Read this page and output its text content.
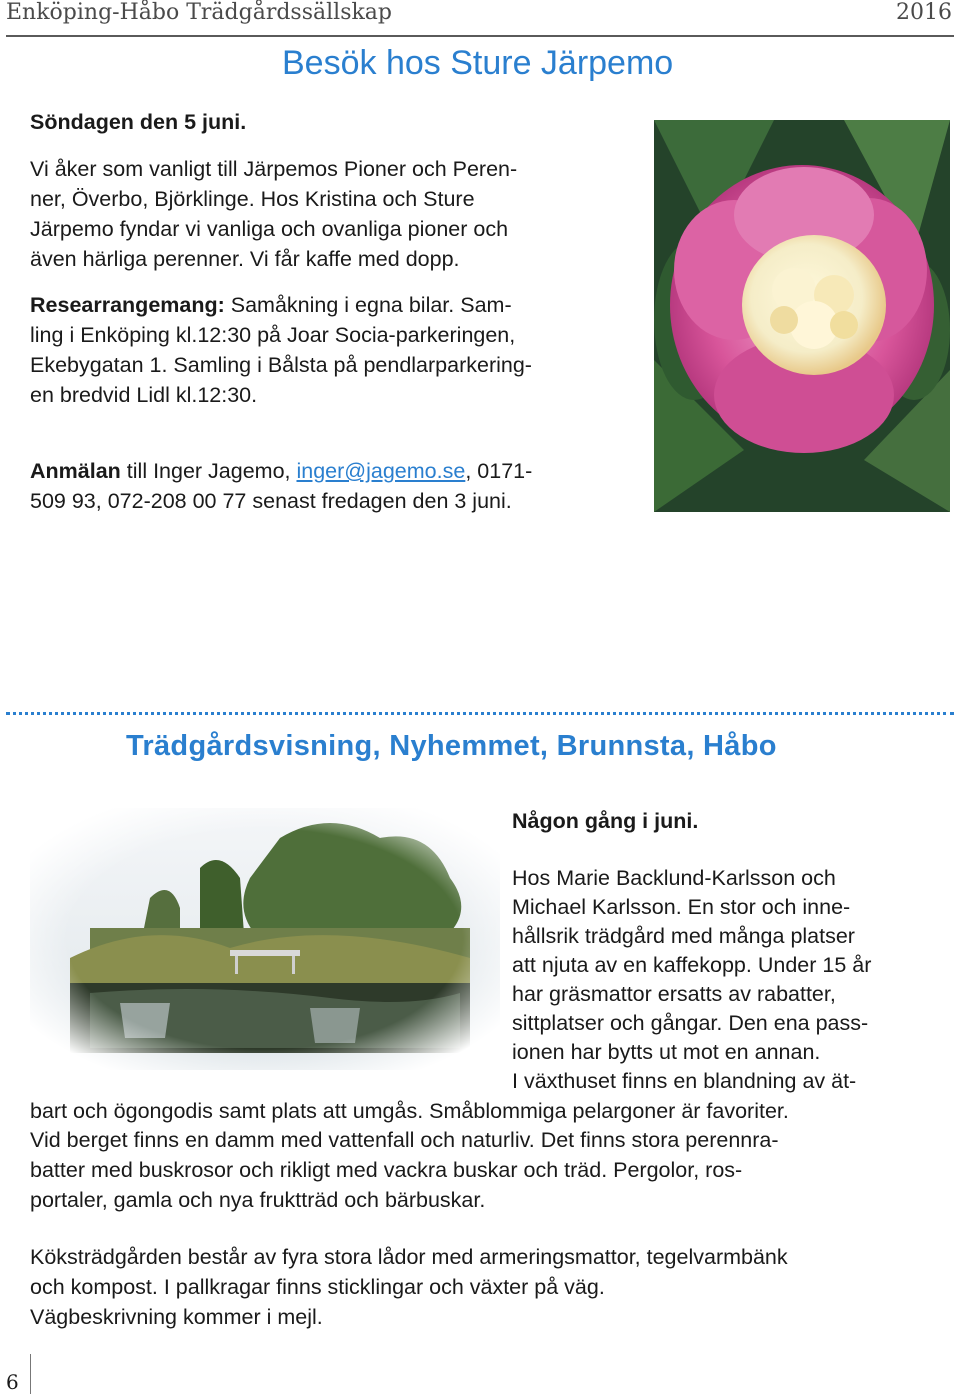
Enköping-Håbo Trädgårdssällskap	2016
Besök hos Sture Järpemo

Söndagen den 5 juni.

Vi åker som vanligt till Järpemos Pioner och Peren-

ner, Överbo, Björklinge. Hos Kristina och Sture

Järpemo fyndar vi vanliga och ovanliga pioner och

även härliga perenner. Vi får kaffe med dopp.

Researrangemang: Samåkning i egna bilar. Sam-

ling i Enköping kl.12:30 på Joar Socia-parkeringen,

Ekebygatan 1. Samling i Bålsta på pendlarparkering-

en bredvid Lidl kl.12:30.

Anmälan till Inger Jagemo, inger@jagemo.se, 0171-

509 93, 072-208 00 77 senast fredagen den 3 juni.

Trädgårdsvisning, Nyhemmet, Brunnsta, Håbo

Någon gång i juni.

Hos Marie Backlund-Karlsson och

Michael Karlsson. En stor och inne-

hållsrik trädgård med många platser

att njuta av en kaffekopp. Under 15 år

har gräsmattor ersatts av rabatter,

sittplatser och gångar. Den ena pass-

ionen har bytts ut mot en annan.

I växthuset finns en blandning av ät-

bart och ögongodis samt plats att umgås. Småblommiga pelargoner är favoriter.

Vid berget finns en damm med vattenfall och naturliv. Det finns stora perennra-

batter med buskrosor och rikligt med vackra buskar och träd. Pergolor, ros-

portaler, gamla och nya fruktträd och bärbuskar.

Köksträdgården består av fyra stora lådor med armeringsmattor, tegelvarmbänk

och kompost. I pallkragar finns sticklingar och växter på väg.

Vägbeskrivning kommer i mejl.

6
